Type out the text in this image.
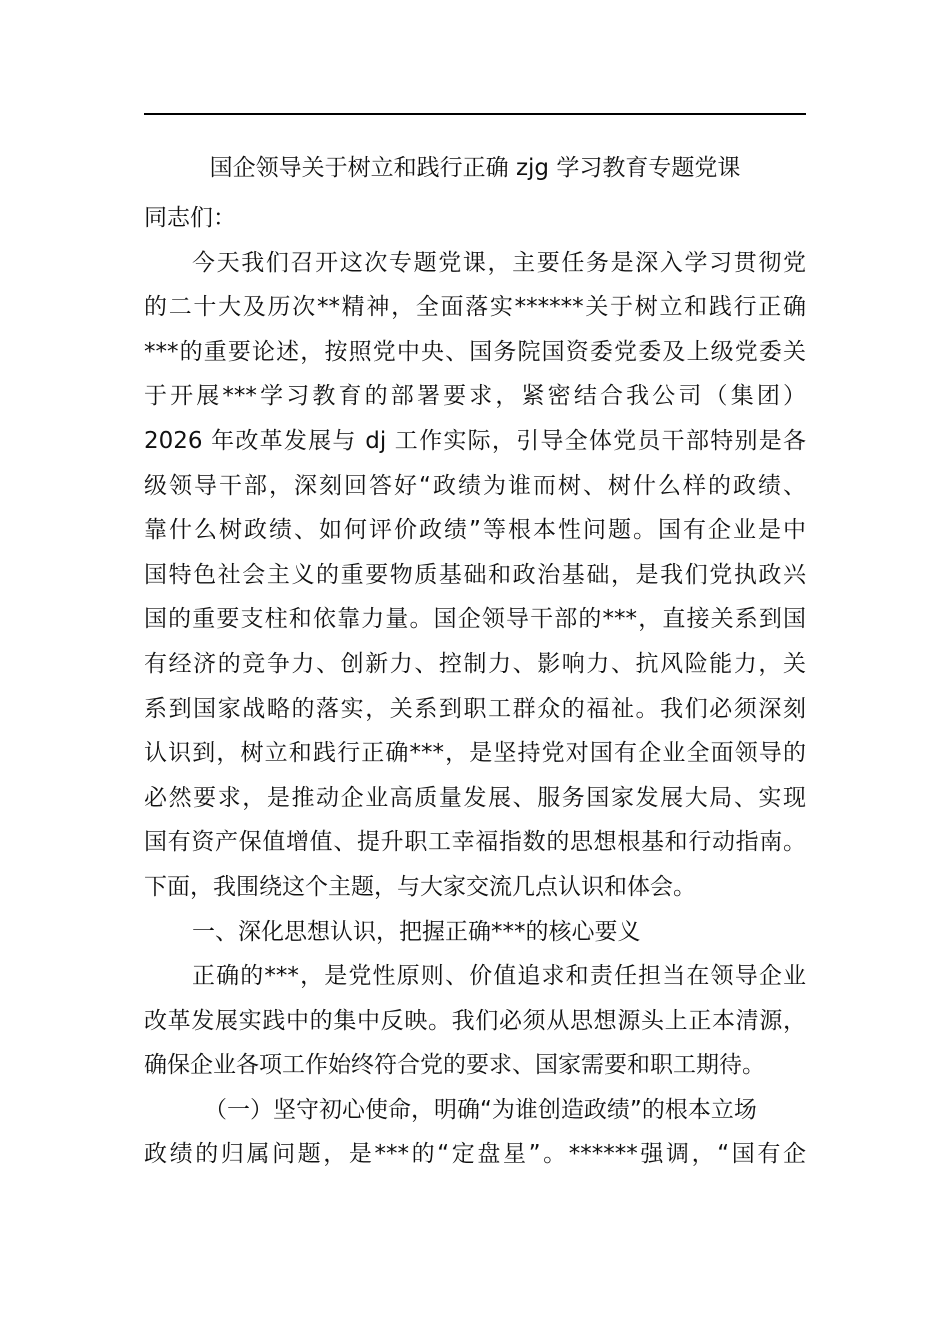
国企领导关于树立和践行正确 zjg 学习教育专题党课
同志们：
今天我们召开这次专题党课，主要任务是深入学习贯彻党
的二十大及历次**精神，全面落实******关于树立和践行正确
***的重要论述，按照党中央、国务院国资委党委及上级党委关
于开展***学习教育的部署要求，紧密结合我公司（集团）
2026 年改革发展与 dj 工作实际，引导全体党员干部特别是各
级领导干部，深刻回答好“政绩为谁而树、树什么样的政绩、
靠什么树政绩、如何评价政绩”等根本性问题。国有企业是中
国特色社会主义的重要物质基础和政治基础，是我们党执政兴
国的重要支柱和依靠力量。国企领导干部的***，直接关系到国
有经济的竞争力、创新力、控制力、影响力、抗风险能力，关
系到国家战略的落实，关系到职工群众的福祉。我们必须深刻
认识到，树立和践行正确***，是坚持党对国有企业全面领导的
必然要求，是推动企业高质量发展、服务国家发展大局、实现
国有资产保值增值、提升职工幸福指数的思想根基和行动指南。
下面，我围绕这个主题，与大家交流几点认识和体会。
一、深化思想认识，把握正确***的核心要义
正确的***，是党性原则、价值追求和责任担当在领导企业
改革发展实践中的集中反映。我们必须从思想源头上正本清源，
确保企业各项工作始终符合党的要求、国家需要和职工期待。
（一）坚守初心使命，明确“为谁创造政绩”的根本立场
政绩的归属问题，是***的“定盘星”。******强调，“国有企
